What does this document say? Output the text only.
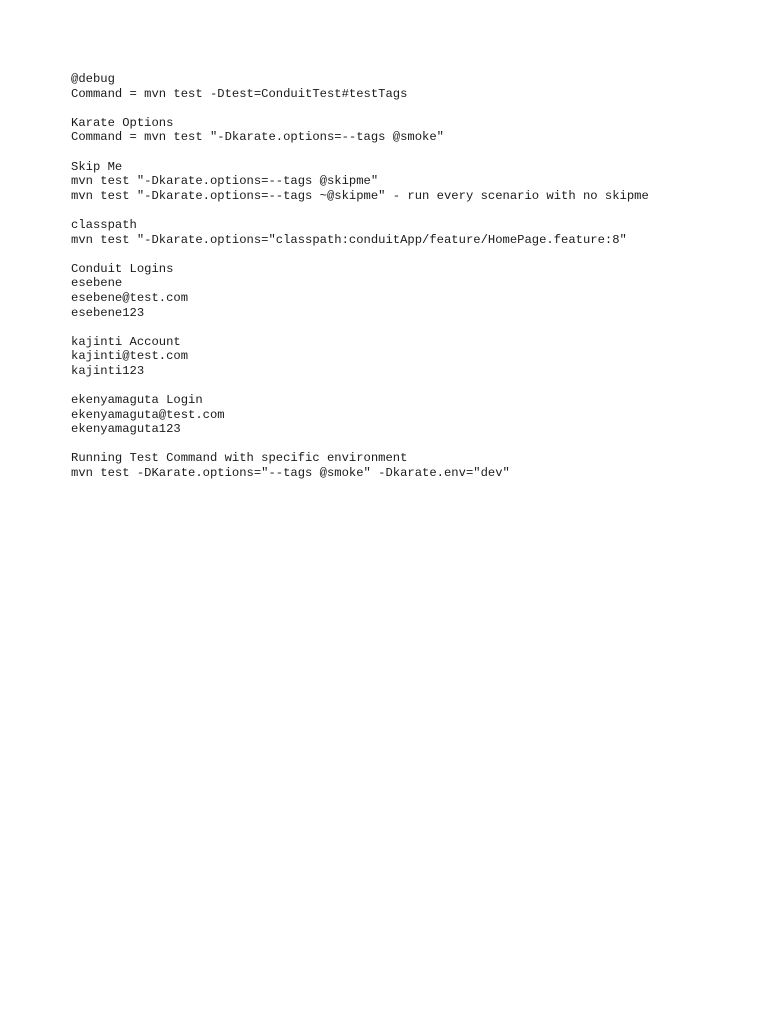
@debug
Command = mvn test -Dtest=ConduitTest#testTags
Karate Options
Command = mvn test "-Dkarate.options=--tags @smoke"
Skip Me
mvn test "-Dkarate.options=--tags @skipme"
mvn test "-Dkarate.options=--tags ~@skipme" - run every scenario with no skipme
classpath
mvn test "-Dkarate.options="classpath:conduitApp/feature/HomePage.feature:8"
Conduit Logins
esebene
esebene@test.com
esebene123
kajinti Account
kajinti@test.com
kajinti123
ekenyamaguta Login
ekenyamaguta@test.com
ekenyamaguta123
Running Test Command with specific environment
mvn test -DKarate.options="--tags @smoke" -Dkarate.env="dev"
